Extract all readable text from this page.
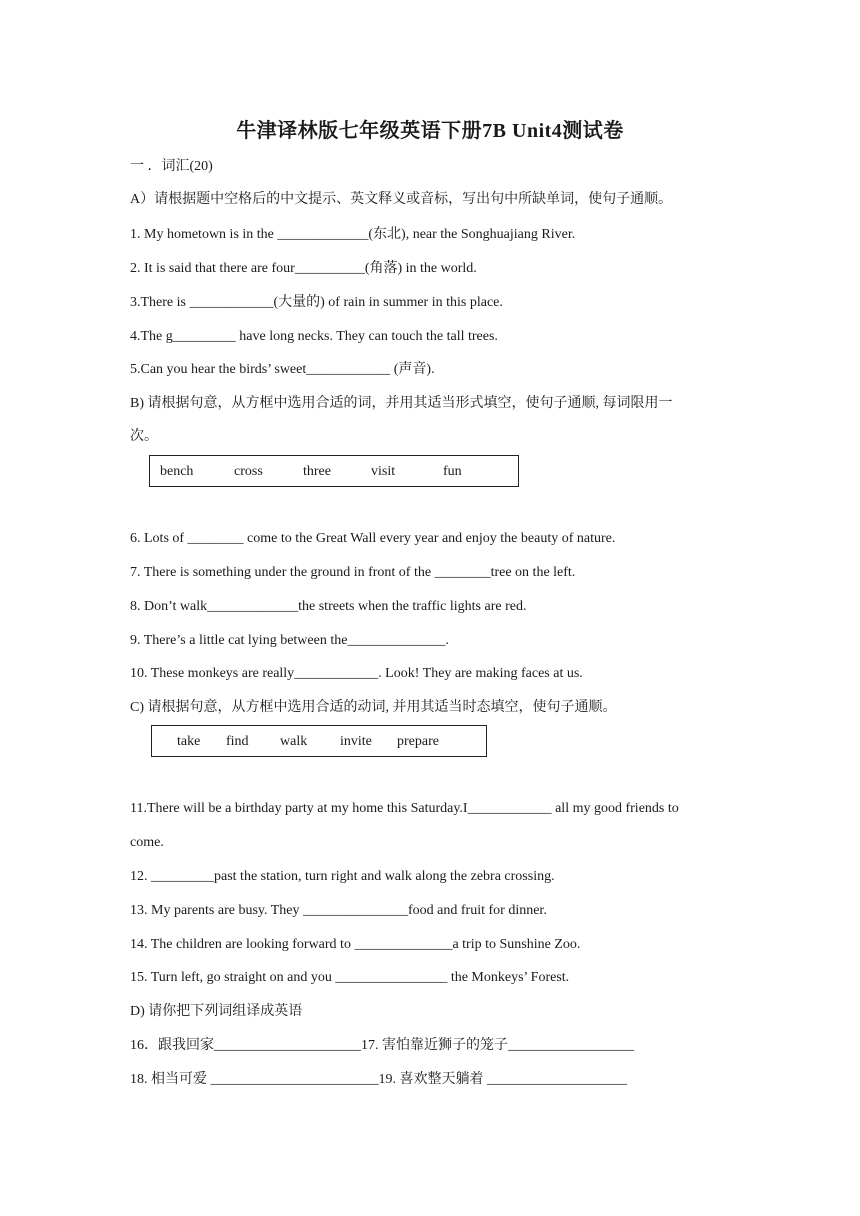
牛津译林版七年级英语下册7B Unit4测试卷
一 ．词汇(20)
A）请根据题中空格后的中文提示、英文释义或音标，写出句中所缺单词，使句子通顺。
1. My hometown is in the _____________(东北), near the Songhuajiang River.
2. It is said that there are four__________(角落) in the world.
3.There is ____________(大量的) of rain in summer in this place.
4.The g_________ have long necks. They can touch the tall trees.
5.Can you hear the birds’ sweet____________ (声音).
B) 请根据句意，从方框中选用合适的词，并用其适当形式填空，使句子通顺, 每词限用一
次。
bench	cross	three	visit	fun
6. Lots of ________ come to the Great Wall every year and enjoy the beauty of nature.
7. There is something under the ground in front of the ________tree on the left.
8. Don’t walk_____________the streets when the traffic lights are red.
9. There’s a little cat lying between the______________.
10. These monkeys are really____________. Look! They are making faces at us.
C) 请根据句意，从方框中选用合适的动词, 并用其适当时态填空，使句子通顺。
take find walk invite prepare
11.There will be a birthday party at my home this Saturday.I____________ all my good friends to
come.
12. _________past the station, turn right and walk along the zebra crossing.
13. My parents are busy. They _______________food and fruit for dinner.
14. The children are looking forward to ______________a trip to Sunshine Zoo.
15. Turn left, go straight on and you ________________ the Monkeys’ Forest.
D) 请你把下列词组译成英语
16．跟我回家_____________________17. 害怕靠近狮子的笼子__________________
18. 相当可爱 ________________________19. 喜欢整天躺着 ____________________
